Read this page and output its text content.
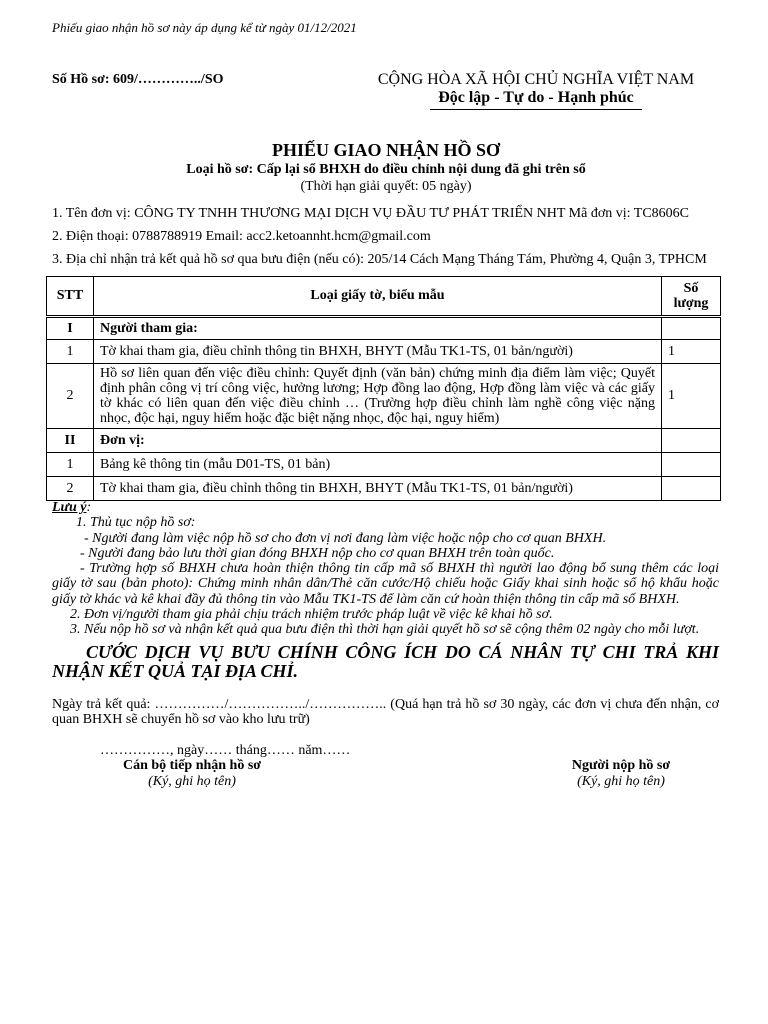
Phiếu giao nhận hồ sơ này áp dụng kể từ ngày 01/12/2021
Số Hồ sơ: 609/…………../SO	CỘNG HÒA XÃ HỘI CHỦ NGHĨA VIỆT NAM
Độc lập - Tự do - Hạnh phúc
PHIẾU GIAO NHẬN HỒ SƠ
Loại hồ sơ: Cấp lại sổ BHXH do điều chỉnh nội dung đã ghi trên sổ
(Thời hạn giải quyết: 05 ngày)
1. Tên đơn vị: CÔNG TY TNHH THƯƠNG MẠI DỊCH VỤ ĐẦU TƯ PHÁT TRIỂN NHT Mã đơn vị: TC8606C
2. Điện thoại: 0788788919 Email: acc2.ketoannht.hcm@gmail.com
3. Địa chỉ nhận trả kết quả hồ sơ qua bưu điện (nếu có): 205/14 Cách Mạng Tháng Tám, Phường 4, Quận 3, TPHCM
STT	Loại giấy tờ, biểu mẫu	Số lượng
I	Người tham gia:	
1	Tờ khai tham gia, điều chỉnh thông tin BHXH, BHYT (Mẫu TK1-TS, 01 bản/người)	1
2	Hồ sơ liên quan đến việc điều chỉnh: Quyết định (văn bản) chứng minh địa điểm làm việc; Quyết định phân công vị trí công việc, hưởng lương; Hợp đồng lao động, Hợp đồng làm việc và các giấy tờ khác có liên quan đến việc điều chỉnh … (Trường hợp điều chỉnh làm nghề công việc nặng nhọc, độc hại, nguy hiểm hoặc đặc biệt nặng nhọc, độc hại, nguy hiểm)	1
II	Đơn vị:	
1	Bảng kê thông tin (mẫu D01-TS, 01 bản)	
2	Tờ khai tham gia, điều chỉnh thông tin BHXH, BHYT (Mẫu TK1-TS, 01 bản/người)	
Lưu ý:
1. Thủ tục nộp hồ sơ:
- Người đang làm việc nộp hồ sơ cho đơn vị nơi đang làm việc hoặc nộp cho cơ quan BHXH.
- Người đang bảo lưu thời gian đóng BHXH nộp cho cơ quan BHXH trên toàn quốc.
- Trường hợp số BHXH chưa hoàn thiện thông tin cấp mã số BHXH thì người lao động bổ sung thêm các loại giấy tờ sau (bản photo): Chứng minh nhân dân/Thẻ căn cước/Hộ chiếu hoặc Giấy khai sinh hoặc sổ hộ khẩu hoặc giấy tờ khác và kê khai đầy đủ thông tin vào Mẫu TK1-TS để làm căn cứ hoàn thiện thông tin cấp mã số BHXH.
2. Đơn vị/người tham gia phải chịu trách nhiệm trước pháp luật về việc kê khai hồ sơ.
3. Nếu nộp hồ sơ và nhận kết quả qua bưu điện thì thời hạn giải quyết hồ sơ sẽ cộng thêm 02 ngày cho mỗi lượt.
CƯỚC DỊCH VỤ BƯU CHÍNH CÔNG ÍCH DO CÁ NHÂN TỰ CHI TRẢ KHI NHẬN KẾT QUẢ TẠI ĐỊA CHỈ.
Ngày trả kết quả: ……………/……………../…………….. (Quá hạn trả hồ sơ 30 ngày, các đơn vị chưa đến nhận, cơ quan BHXH sẽ chuyển hồ sơ vào kho lưu trữ)
……………, ngày…… tháng…… năm……
Cán bộ tiếp nhận hồ sơ
(Ký, ghi họ tên)
Người nộp hồ sơ
(Ký, ghi họ tên)
